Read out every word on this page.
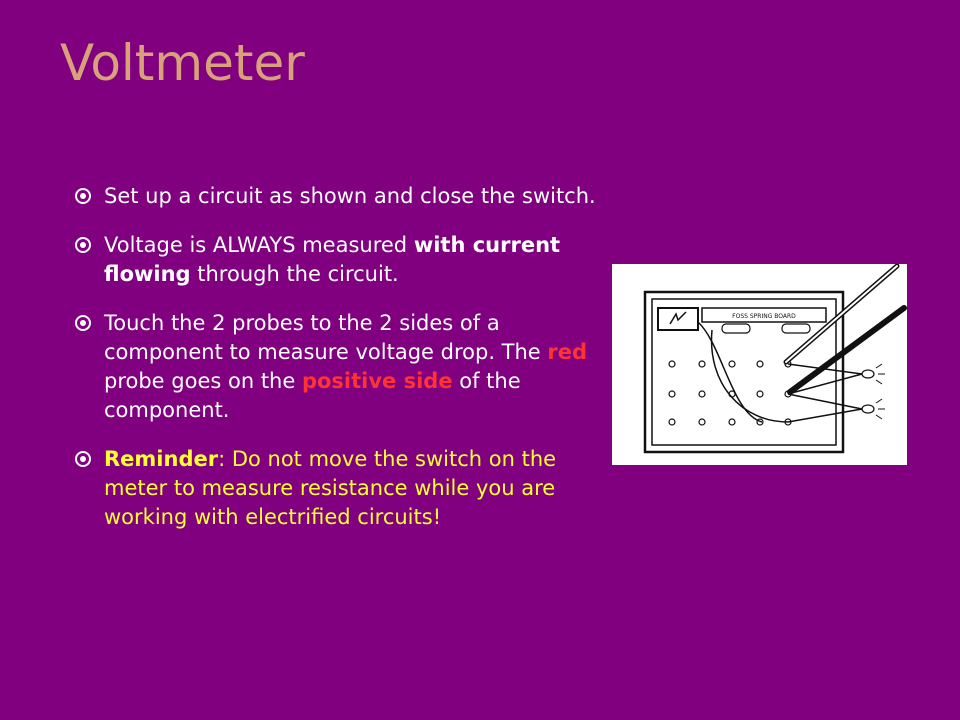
Voltmeter
Set up a circuit as shown and close the switch.
Voltage is ALWAYS measured with current flowing through the circuit.
Touch the 2 probes to the 2 sides of a component to measure voltage drop. The red probe goes on the positive side of the component.
Reminder: Do not move the switch on the meter to measure resistance while you are working with electrified circuits!
FOSS SPRING BOARD
